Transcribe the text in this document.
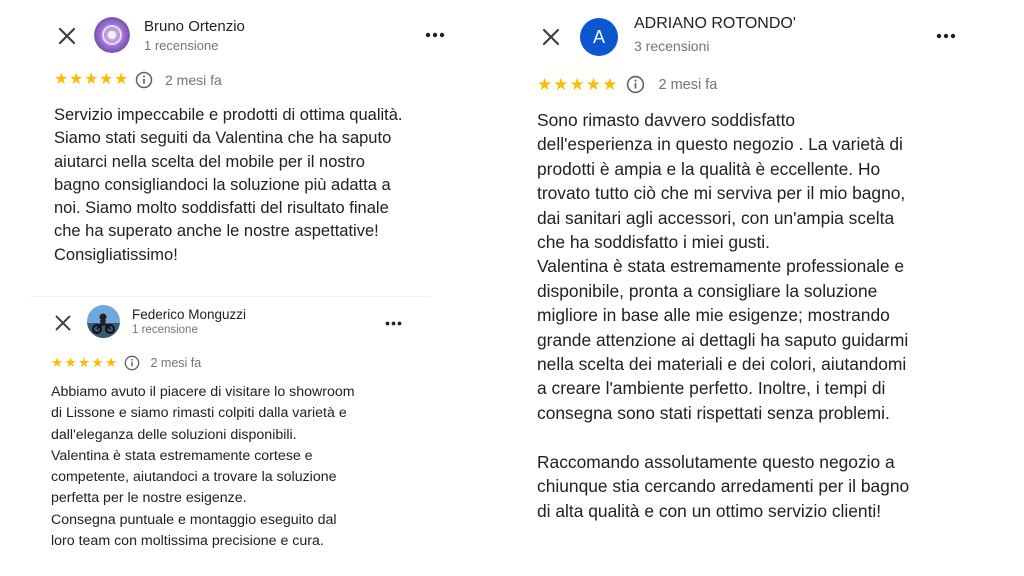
Bruno Ortenzio
1 recensione
★ ★ ★ ★ ★	2 mesi fa
Servizio impeccabile e prodotti di ottima qualità.
Siamo stati seguiti da Valentina che ha saputo
aiutarci nella scelta del mobile per il nostro
bagno consigliandoci la soluzione più adatta a
noi. Siamo molto soddisfatti del risultato finale
che ha superato anche le nostre aspettative!
Consigliatissimo!
Federico Monguzzi
1 recensione
★ ★ ★ ★ ★	2 mesi fa
Abbiamo avuto il piacere di visitare lo showroom
di Lissone e siamo rimasti colpiti dalla varietà e
dall'eleganza delle soluzioni disponibili.
Valentina è stata estremamente cortese e
competente, aiutandoci a trovare la soluzione
perfetta per le nostre esigenze.
Consegna puntuale e montaggio eseguito dal
loro team con moltissima precisione e cura.
A
ADRIANO ROTONDO'
3 recensioni
★ ★ ★ ★ ★	2 mesi fa
Sono rimasto davvero soddisfatto
dell'esperienza in questo negozio . La varietà di
prodotti è ampia e la qualità è eccellente. Ho
trovato tutto ciò che mi serviva per il mio bagno,
dai sanitari agli accessori, con un'ampia scelta
che ha soddisfatto i miei gusti.
Valentina è stata estremamente professionale e
disponibile, pronta a consigliare la soluzione
migliore in base alle mie esigenze; mostrando
grande attenzione ai dettagli ha saputo guidarmi
nella scelta dei materiali e dei colori, aiutandomi
a creare l'ambiente perfetto. Inoltre, i tempi di
consegna sono stati rispettati senza problemi.

Raccomando assolutamente questo negozio a
chiunque stia cercando arredamenti per il bagno
di alta qualità e con un ottimo servizio clienti!
